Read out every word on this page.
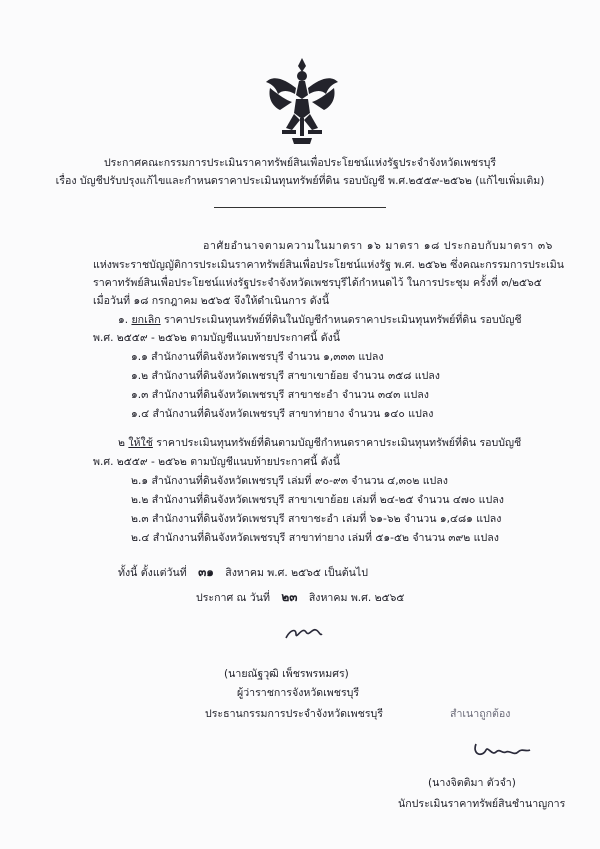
ประกาศคณะกรรมการประเมินราคาทรัพย์สินเพื่อประโยชน์แห่งรัฐประจำจังหวัดเพชรบุรี
เรื่อง บัญชีปรับปรุงแก้ไขและกำหนดราคาประเมินทุนทรัพย์ที่ดิน รอบบัญชี พ.ศ.๒๕๕๙-๒๕๖๒ (แก้ไขเพิ่มเติม)
อาศัยอำนาจตามความในมาตรา ๑๖ มาตรา ๑๘ ประกอบกับมาตรา ๓๖
แห่งพระราชบัญญัติการประเมินราคาทรัพย์สินเพื่อประโยชน์แห่งรัฐ พ.ศ. ๒๕๖๒ ซึ่งคณะกรรมการประเมิน
ราคาทรัพย์สินเพื่อประโยชน์แห่งรัฐประจำจังหวัดเพชรบุรีได้กำหนดไว้ ในการประชุม ครั้งที่ ๓/๒๕๖๕
เมื่อวันที่ ๑๘ กรกฎาคม ๒๕๖๕ จึงให้ดำเนินการ ดังนี้
๑. ยกเลิก ราคาประเมินทุนทรัพย์ที่ดินในบัญชีกำหนดราคาประเมินทุนทรัพย์ที่ดิน รอบบัญชี
พ.ศ. ๒๕๕๙ - ๒๕๖๒ ตามบัญชีแนบท้ายประกาศนี้ ดังนี้
๑.๑ สำนักงานที่ดินจังหวัดเพชรบุรี จำนวน ๑,๓๓๓ แปลง
๑.๒ สำนักงานที่ดินจังหวัดเพชรบุรี สาขาเขาย้อย จำนวน ๓๕๘ แปลง
๑.๓ สำนักงานที่ดินจังหวัดเพชรบุรี สาขาชะอำ จำนวน ๓๔๓ แปลง
๑.๔ สำนักงานที่ดินจังหวัดเพชรบุรี สาขาท่ายาง จำนวน ๑๔๐ แปลง
๒ ให้ใช้ ราคาประเมินทุนทรัพย์ที่ดินตามบัญชีกำหนดราคาประเมินทุนทรัพย์ที่ดิน รอบบัญชี
พ.ศ. ๒๕๕๙ - ๒๕๖๒ ตามบัญชีแนบท้ายประกาศนี้ ดังนี้
๒.๑ สำนักงานที่ดินจังหวัดเพชรบุรี เล่มที่ ๙๐-๙๓ จำนวน ๔,๓๐๒ แปลง
๒.๒ สำนักงานที่ดินจังหวัดเพชรบุรี สาขาเขาย้อย เล่มที่ ๒๔-๒๕ จำนวน ๔๗๐ แปลง
๒.๓ สำนักงานที่ดินจังหวัดเพชรบุรี สาขาชะอำ เล่มที่ ๖๑-๖๒ จำนวน ๑,๔๘๑ แปลง
๒.๔ สำนักงานที่ดินจังหวัดเพชรบุรี สาขาท่ายาง เล่มที่ ๕๑-๕๒ จำนวน ๓๙๒ แปลง
ทั้งนี้ ตั้งแต่วันที่ ๓๑ สิงหาคม พ.ศ. ๒๕๖๕ เป็นต้นไป
ประกาศ ณ วันที่ ๒๓ สิงหาคม พ.ศ. ๒๕๖๕
(นายณัฐวุฒิ เพ็ชรพรหมศร)
ผู้ว่าราชการจังหวัดเพชรบุรี
ประธานกรรมการประจำจังหวัดเพชรบุรี	สำเนาถูกต้อง
(นางจิตติมา ตัวจำ)
นักประเมินราคาทรัพย์สินชำนาญการ
